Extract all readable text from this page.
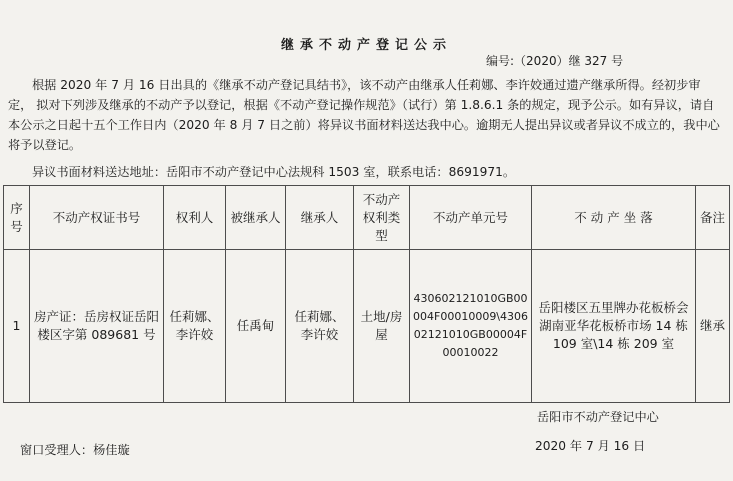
继承不动产登记公示
编号:（2020）继 327 号

根据 2020 年 7 月 16 日出具的《继承不动产登记具结书》，该不动产由继承人任莉娜、李许姣通过遗产继承所得。经初步审定， 拟对下列涉及继承的不动产予以登记，根据《不动产登记操作规范》（试行）第 1.8.6.1 条的规定，现予公示。如有异议，请自本公示之日起十五个工作日内（2020 年 8 月 7 日之前）将异议书面材料送达我中心。逾期无人提出异议或者异议不成立的，我中心将予以登记。

异议书面材料送达地址：岳阳市不动产登记中心法规科 1503 室，联系电话：8691971。
序号	不动产权证书号	权利人	被继承人	继承人	不动产权利类型	不动产单元号	不 动 产 坐 落	备注
1	房产证：岳房权证岳阳楼区字第 089681 号	任莉娜、李许姣	任禹甸	任莉娜、李许姣	土地/房屋	430602121010GB00004F00010009\430602121010GB00004F00010022	岳阳楼区五里牌办花板桥会湖南亚华花板桥市场 14 栋 109 室\14 栋 209 室	继承
岳阳市不动产登记中心
2020 年 7 月 16 日
窗口受理人：杨佳璇
